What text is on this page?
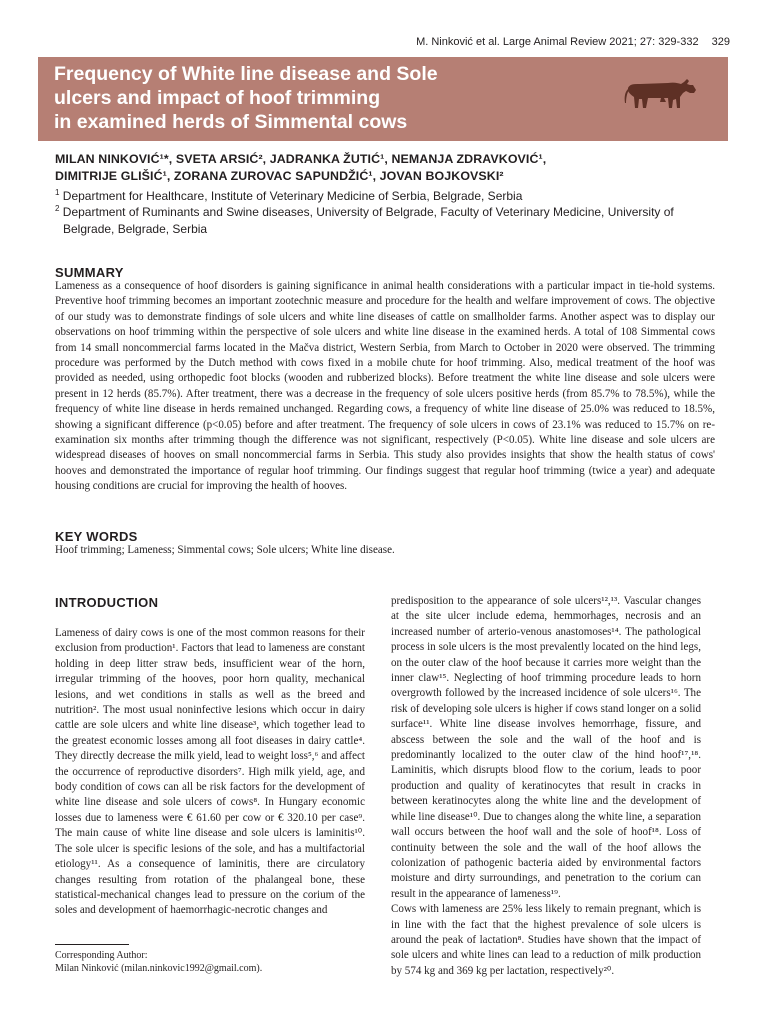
M. Ninković et al. Large Animal Review 2021; 27: 329-332 329
Frequency of White line disease and Sole
ulcers and impact of hoof trimming
in examined herds of Simmental cows
MILAN NINKOVIĆ¹*, SVETA ARSIĆ², JADRANKA ŽUTIĆ¹, NEMANJA ZDRAVKOVIĆ¹,
DIMITRIJE GLIŠIĆ¹, ZORANA ZUROVAC SAPUNDŽIĆ¹, JOVAN BOJKOVSKI²
$^1$ Department for Healthcare, Institute of Veterinary Medicine of Serbia, Belgrade, Serbia
$^2$ Department of Ruminants and Swine diseases, University of Belgrade, Faculty of Veterinary Medicine, University of Belgrade, Belgrade, Serbia
SUMMARY
Lameness as a consequence of hoof disorders is gaining significance in animal health considerations with a particular impact in tie-hold systems. Preventive hoof trimming becomes an important zootechnic measure and procedure for the health and welfare improvement of cows. The objective of our study was to demonstrate findings of sole ulcers and white line diseases of cattle on smallholder farms. Another aspect was to display our observations on hoof trimming within the perspective of sole ulcers and white line disease in the examined herds. A total of 108 Simmental cows from 14 small noncommercial farms located in the Mačva district, Western Serbia, from March to October in 2020 were observed. The trimming procedure was performed by the Dutch method with cows fixed in a mobile chute for hoof trimming. Also, medical treatment of the hoof was provided as needed, using orthopedic foot blocks (wooden and rubberized blocks). Before treatment the white line disease and sole ulcers were present in 12 herds (85.7%). After treatment, there was a decrease in the frequency of sole ulcers positive herds (from 85.7% to 78.5%), while the frequency of white line disease in herds remained unchanged. Regarding cows, a frequency of white line disease of 25.0% was reduced to 18.5%, showing a significant difference (p<0.05) before and after treatment. The frequency of sole ulcers in cows of 23.1% was reduced to 15.7% on re-examination six months after trimming though the difference was not significant, respectively (P<0.05). White line disease and sole ulcers are widespread diseases of hooves on small noncommercial farms in Serbia. This study also provides insights that show the health status of cows' hooves and demonstrated the importance of regular hoof trimming. Our findings suggest that regular hoof trimming (twice a year) and adequate housing conditions are crucial for improving the health of hooves.
KEY WORDS
Hoof trimming; Lameness; Simmental cows; Sole ulcers; White line disease.
INTRODUCTION

Lameness of dairy cows is one of the most common reasons for their exclusion from production¹. Factors that lead to lameness are constant holding in deep litter straw beds, insufficient wear of the horn, irregular trimming of the hooves, poor horn quality, mechanical lesions, and wet conditions in stalls as well as the breed and nutrition². The most usual noninfective lesions which occur in dairy cattle are sole ulcers and white line disease³, which together lead to the greatest economic losses among all foot diseases in dairy cattle⁴. They directly decrease the milk yield, lead to weight loss⁵,⁶ and affect the occurrence of reproductive disorders⁷. High milk yield, age, and body condition of cows can all be risk factors for the development of white line disease and sole ulcers of cows⁸. In Hungary economic losses due to lameness were € 61.60 per cow or € 320.10 per case⁹. The main cause of white line disease and sole ulcers is laminitis¹⁰. The sole ulcer is specific lesions of the sole, and has a multifactorial etiology¹¹. As a consequence of laminitis, there are circulatory changes resulting from rotation of the phalangeal bone, these statistical-mechanical changes lead to pressure on the corium of the soles and development of haemorrhagic-necrotic changes and

predisposition to the appearance of sole ulcers¹²,¹³. Vascular changes at the site ulcer include edema, hemmorhages, necrosis and an increased number of arterio-venous anastomoses¹⁴. The pathological process in sole ulcers is the most prevalently located on the hind legs, on the outer claw of the hoof because it carries more weight than the inner claw¹⁵. Neglecting of hoof trimming procedure leads to horn overgrowth followed by the increased incidence of sole ulcers¹⁶. The risk of developing sole ulcers is higher if cows stand longer on a solid surface¹¹. White line disease involves hemorrhage, fissure, and abscess between the sole and the wall of the hoof and is predominantly localized to the outer claw of the hind hoof¹⁷,¹⁸. Laminitis, which disrupts blood flow to the corium, leads to poor production and quality of keratinocytes that result in cracks in between keratinocytes along the white line and the development of while line disease¹⁰. Due to changes along the white line, a separation wall occurs between the hoof wall and the sole of hoof¹⁸. Loss of continuity between the sole and the wall of the hoof allows the colonization of pathogenic bacteria aided by environmental factors moisture and dirty surroundings, and penetration to the corium can result in the appearance of lameness¹⁹.

Cows with lameness are 25% less likely to remain pregnant, which is in line with the fact that the highest prevalence of sole ulcers is around the peak of lactation⁸. Studies have shown that the impact of sole ulcers and white lines can lead to a reduction of milk production by 574 kg and 369 kg per lactation, respectively²⁰.

Corresponding Author:
Milan Ninković (milan.ninkovic1992@gmail.com).
